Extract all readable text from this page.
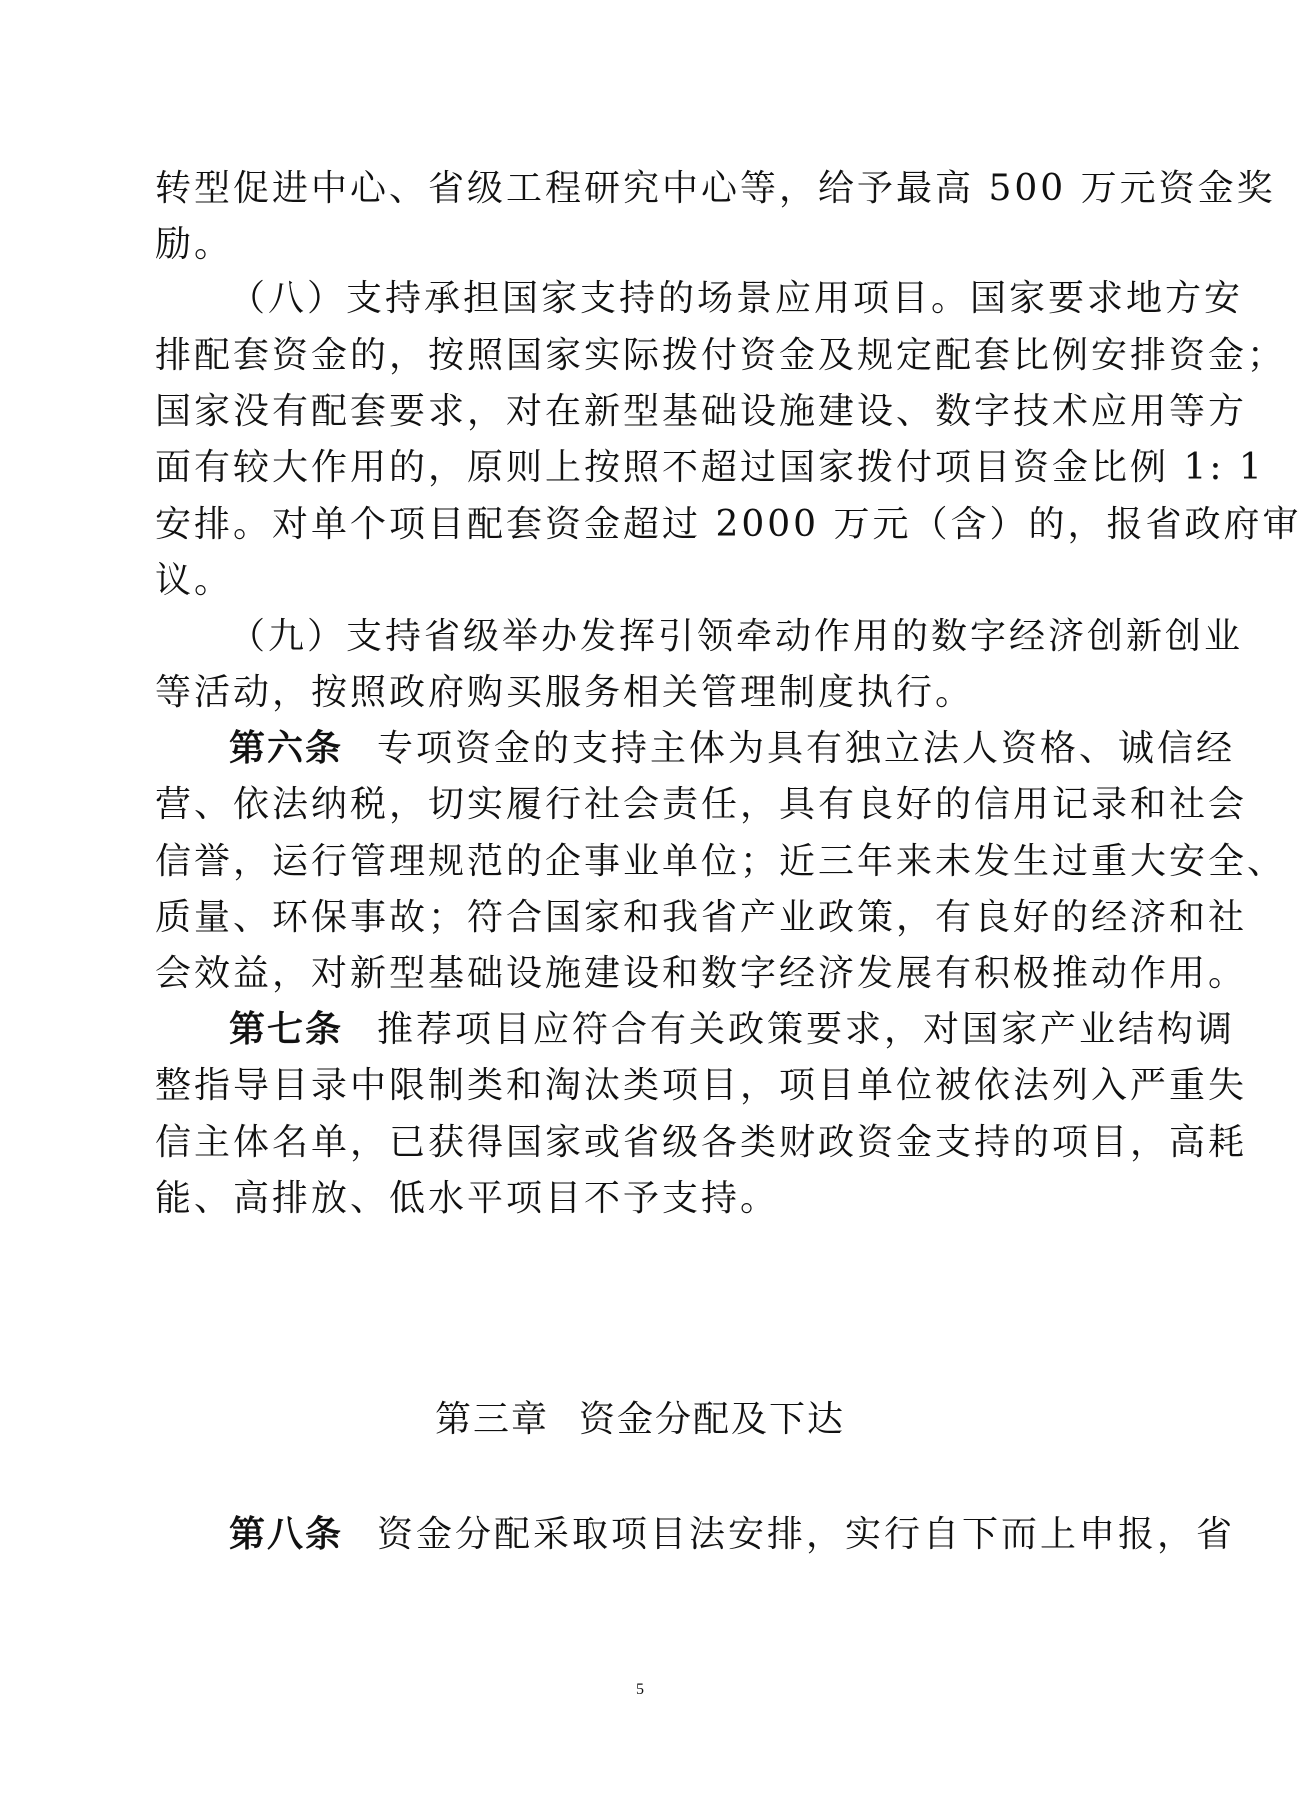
转型促进中心、省级工程研究中心等，给予最高 500 万元资金奖
励。
（八）支持承担国家支持的场景应用项目。国家要求地方安
排配套资金的，按照国家实际拨付资金及规定配套比例安排资金；
国家没有配套要求，对在新型基础设施建设、数字技术应用等方
面有较大作用的，原则上按照不超过国家拨付项目资金比例 1: 1
安排。对单个项目配套资金超过 2000 万元（含）的，报省政府审
议。
（九）支持省级举办发挥引领牵动作用的数字经济创新创业
等活动，按照政府购买服务相关管理制度执行。
第六条 专项资金的支持主体为具有独立法人资格、诚信经
营、依法纳税，切实履行社会责任，具有良好的信用记录和社会
信誉，运行管理规范的企事业单位；近三年来未发生过重大安全、
质量、环保事故；符合国家和我省产业政策，有良好的经济和社
会效益，对新型基础设施建设和数字经济发展有积极推动作用。
第七条 推荐项目应符合有关政策要求，对国家产业结构调
整指导目录中限制类和淘汰类项目，项目单位被依法列入严重失
信主体名单，已获得国家或省级各类财政资金支持的项目，高耗
能、高排放、低水平项目不予支持。
第三章 资金分配及下达
第八条 资金分配采取项目法安排，实行自下而上申报，省
5
